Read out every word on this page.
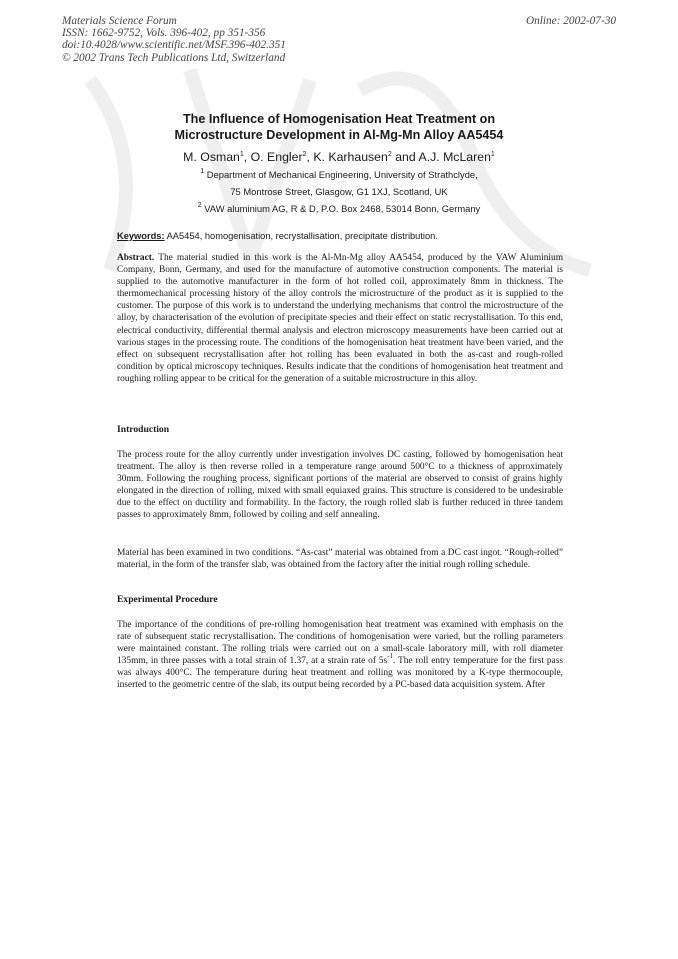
Materials Science Forum
ISSN: 1662-9752, Vols. 396-402, pp 351-356
doi:10.4028/www.scientific.net/MSF.396-402.351
© 2002 Trans Tech Publications Ltd, Switzerland
Online: 2002-07-30
The Influence of Homogenisation Heat Treatment on
Microstructure Development in Al-Mg-Mn Alloy AA5454
M. Osman$^1$, O. Engler$^2$, K. Karhausen$^2$ and A.J. McLaren$^1$
$^1$ Department of Mechanical Engineering, University of Strathclyde,
75 Montrose Street, Glasgow, G1 1XJ, Scotland, UK
$^2$ VAW aluminium AG, R & D, P.O. Box 2468, 53014 Bonn, Germany
Keywords: AA5454, homogenisation, recrystallisation, precipitate distribution.
Abstract. The material studied in this work is the Al-Mn-Mg alloy AA5454, produced by the VAW Aluminium Company, Bonn, Germany, and used for the manufacture of automotive construction components. The material is supplied to the automotive manufacturer in the form of hot rolled coil, approximately 8mm in thickness. The thermomechanical processing history of the alloy controls the microstructure of the product as it is supplied to the customer. The purpose of this work is to understand the underlying mechanisms that control the microstructure of the alloy, by characterisation of the evolution of precipitate species and their effect on static recrystallisation. To this end, electrical conductivity, differential thermal analysis and electron microscopy measurements have been carried out at various stages in the processing route. The conditions of the homogenisation heat treatment have been varied, and the effect on subsequent recrystallisation after hot rolling has been evaluated in both the as-cast and rough-rolled condition by optical microscopy techniques. Results indicate that the conditions of homogenisation heat treatment and roughing rolling appear to be critical for the generation of a suitable microstructure in this alloy.
Introduction
The process route for the alloy currently under investigation involves DC casting, followed by homogenisation heat treatment. The alloy is then reverse rolled in a temperature range around 500°C to a thickness of approximately 30mm. Following the roughing process, significant portions of the material are observed to consist of grains highly elongated in the direction of rolling, mixed with small equiaxed grains. This structure is considered to be undesirable due to the effect on ductility and formability. In the factory, the rough rolled slab is further reduced in three tandem passes to approximately 8mm, followed by coiling and self annealing.
Material has been examined in two conditions. “As-cast” material was obtained from a DC cast ingot. “Rough-rolled” material, in the form of the transfer slab, was obtained from the factory after the initial rough rolling schedule.
Experimental Procedure
The importance of the conditions of pre-rolling homogenisation heat treatment was examined with emphasis on the rate of subsequent static recrystallisation. The conditions of homogenisation were varied, but the rolling parameters were maintained constant. The rolling trials were carried out on a small-scale laboratory mill, with roll diameter 135mm, in three passes with a total strain of 1.37, at a strain rate of $5s^{-1}$. The roll entry temperature for the first pass was always 400°C. The temperature during heat treatment and rolling was monitored by a K-type thermocouple, inserted to the geometric centre of the slab, its output being recorded by a PC-based data acquisition system. After
